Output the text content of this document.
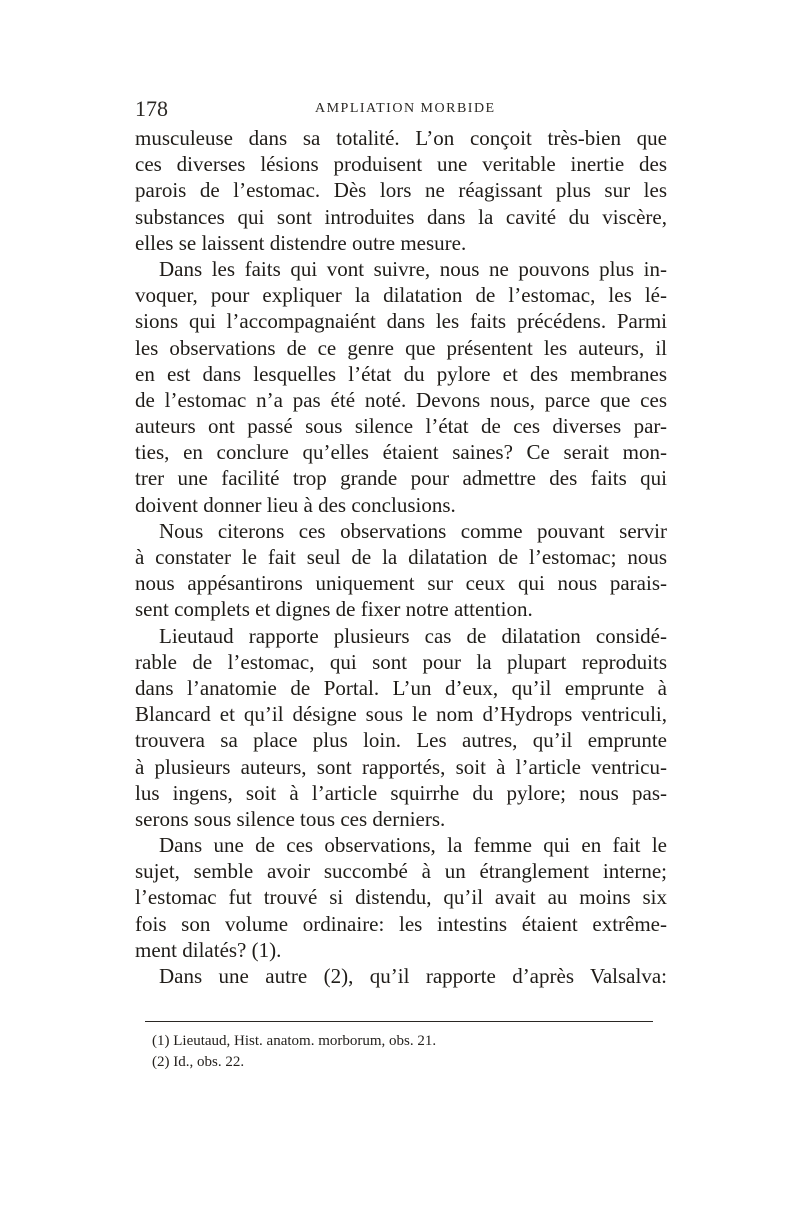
178	AMPLIATION MORBIDE
musculeuse dans sa totalité. L’on conçoit très-bien que
ces diverses lésions produisent une veritable inertie des
parois de l’estomac. Dès lors ne réagissant plus sur les
substances qui sont introduites dans la cavité du viscère,
elles se laissent distendre outre mesure.
Dans les faits qui vont suivre, nous ne pouvons plus in-
voquer, pour expliquer la dilatation de l’estomac, les lé-
sions qui l’accompagnaiént dans les faits précédens. Parmi
les observations de ce genre que présentent les auteurs, il
en est dans lesquelles l’état du pylore et des membranes
de l’estomac n’a pas été noté. Devons nous, parce que ces
auteurs ont passé sous silence l’état de ces diverses par-
ties, en conclure qu’elles étaient saines? Ce serait mon-
trer une facilité trop grande pour admettre des faits qui
doivent donner lieu à des conclusions.
Nous citerons ces observations comme pouvant servir
à constater le fait seul de la dilatation de l’estomac; nous
nous appésantirons uniquement sur ceux qui nous parais-
sent complets et dignes de fixer notre attention.
Lieutaud rapporte plusieurs cas de dilatation considé-
rable de l’estomac, qui sont pour la plupart reproduits
dans l’anatomie de Portal. L’un d’eux, qu’il emprunte à
Blancard et qu’il désigne sous le nom d’Hydrops ventriculi,
trouvera sa place plus loin. Les autres, qu’il emprunte
à plusieurs auteurs, sont rapportés, soit à l’article ventricu-
lus ingens, soit à l’article squirrhe du pylore; nous pas-
serons sous silence tous ces derniers.
Dans une de ces observations, la femme qui en fait le
sujet, semble avoir succombé à un étranglement interne;
l’estomac fut trouvé si distendu, qu’il avait au moins six
fois son volume ordinaire: les intestins étaient extrême-
ment dilatés? (1).
Dans une autre (2), qu’il rapporte d’après Valsalva:
(1) Lieutaud, Hist. anatom. morborum, obs. 21.
(2) Id., obs. 22.
